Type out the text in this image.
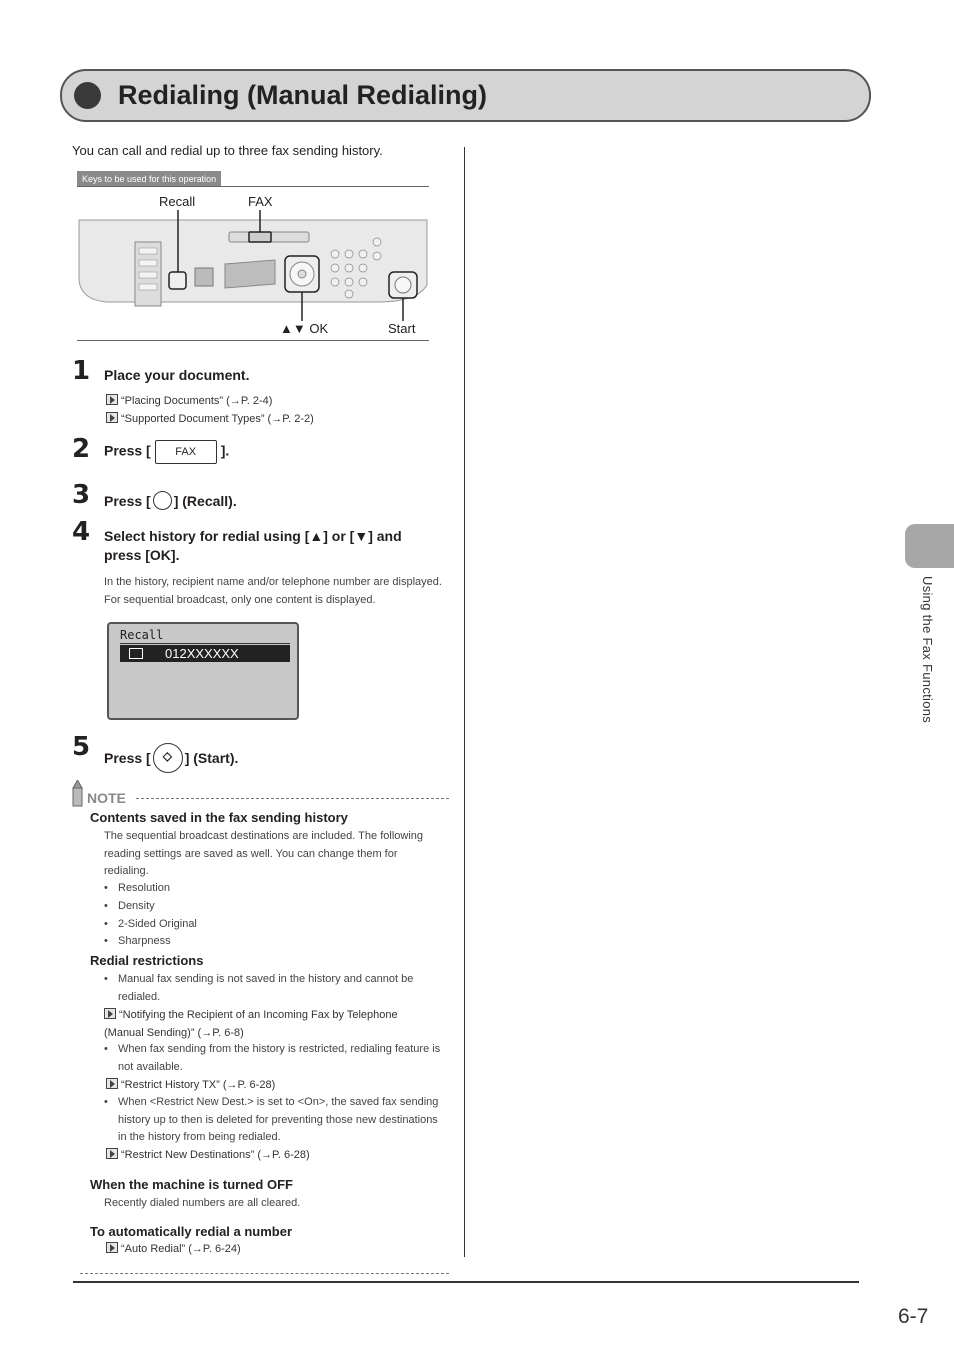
Redialing (Manual Redialing)
You can call and redial up to three fax sending history.
Keys to be used for this operation
Recall	FAX
▲▼ OK	Start
1 Place your document.
“Placing Documents” (→P. 2-4)
“Supported Document Types” (→P. 2-2)
2 Press [ FAX ].
3 Press [ ] (Recall).
4 Select history for redial using [▲] or [▼] and
press [OK].
In the history, recipient name and/or telephone number are displayed. For sequential broadcast, only one content is displayed.
Recall
012XXXXXX
5 Press [◇ ] (Start).
NOTE
Contents saved in the fax sending history
The sequential broadcast destinations are included. The following reading settings are saved as well. You can change them for redialing.
• Resolution
• Density
• 2-Sided Original
• Sharpness
Redial restrictions
• Manual fax sending is not saved in the history and cannot be redialed.
“Notifying the Recipient of an Incoming Fax by Telephone (Manual Sending)” (→P. 6-8)
• When fax sending from the history is restricted, redialing feature is not available.
“Restrict History TX” (→P. 6-28)
• When <Restrict New Dest.> is set to <On>, the saved fax sending history up to then is deleted for preventing those new destinations in the history from being redialed.
“Restrict New Destinations” (→P. 6-28)
When the machine is turned OFF
Recently dialed numbers are all cleared.
To automatically redial a number
“Auto Redial” (→P. 6-24)
Using the Fax Functions
6-7
